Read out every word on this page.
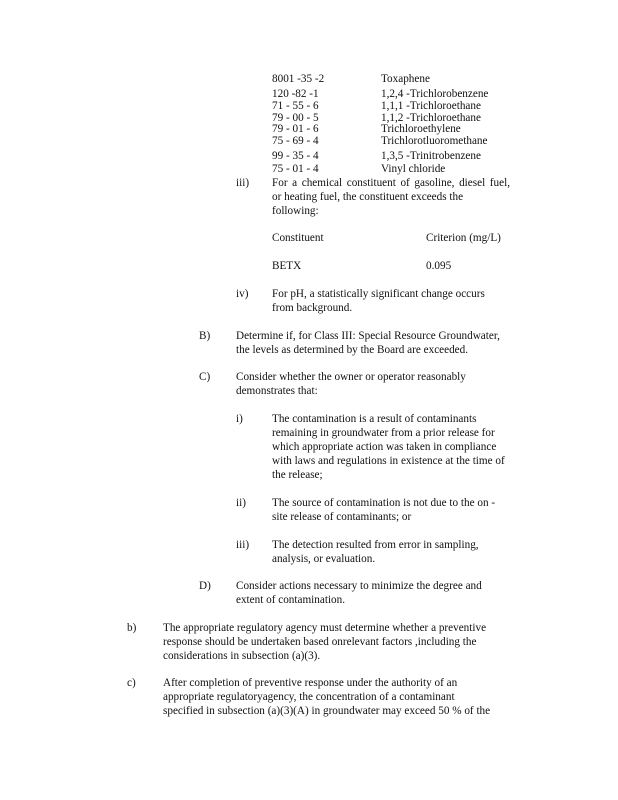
8001 -35 -2	Toxaphene
120 -82 -1	1,2,4 -Trichlorobenzene
71 - 55 - 6	1,1,1 -Trichloroethane
79 - 00 - 5	1,1,2 -Trichloroethane
79 - 01 - 6	Trichloroethylene
75 - 69 - 4	Trichlorotluoromethane
99 - 35 - 4	1,3,5 -Trinitrobenzene
75 - 01 - 4	Vinyl chloride
iii) For a chemical constituent of gasoline, diesel fuel,
or heating fuel, the constituent exceeds the
following:
Constituent	Criterion (mg/L)
BETX	0.095
iv) For pH, a statistically significant change occurs
from background.
B) Determine if, for Class III: Special Resource Groundwater,
the levels as determined by the Board are exceeded.
C) Consider whether the owner or operator reasonably
demonstrates that:
i)	The contamination is a result of contaminants
remaining in groundwater from a prior release for
which appropriate action was taken in compliance
with laws and regulations in existence at the time of
the release;
ii) The source of contamination is not due to the on -
site release of contaminants; or
iii) The detection resulted from error in sampling,
analysis, or evaluation.
D) Consider actions necessary to minimize the degree and
extent of contamination.
b) The appropriate regulatory agency must determine whether a preventive
response should be undertaken based onrelevant factors ,including the
considerations in subsection (a)(3).
c) After completion of preventive response under the authority of an
appropriate regulatoryagency, the concentration of a contaminant
specified in subsection (a)(3)(A) in groundwater may exceed 50 % of the
